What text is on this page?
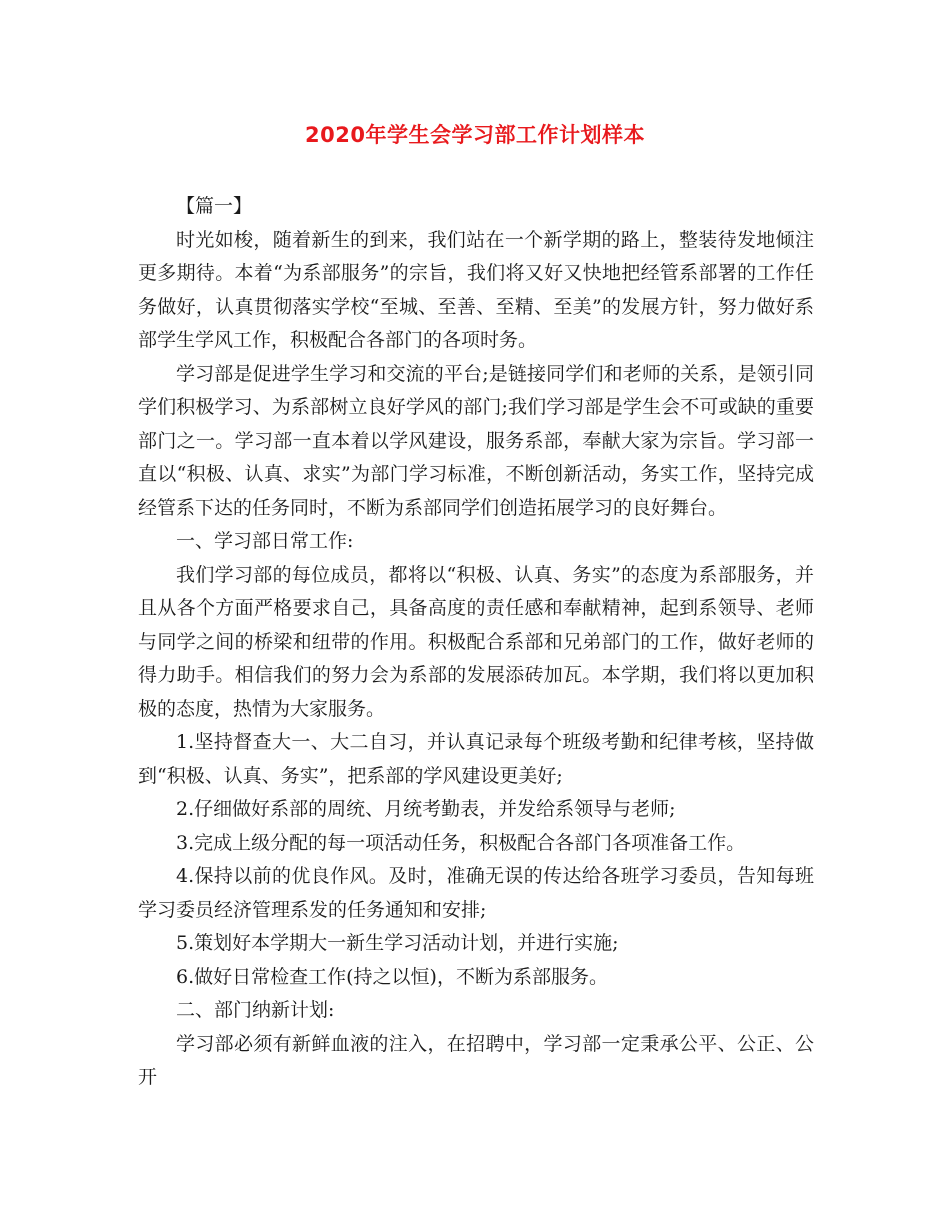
2020年学生会学习部工作计划样本

【篇一】

时光如梭，随着新生的到来，我们站在一个新学期的路上，整装待发地倾注更多期待。本着“为系部服务”的宗旨，我们将又好又快地把经管系部署的工作任务做好，认真贯彻落实学校“至城、至善、至精、至美”的发展方针，努力做好系部学生学风工作，积极配合各部门的各项时务。

学习部是促进学生学习和交流的平台;是链接同学们和老师的关系，是领引同学们积极学习、为系部树立良好学风的部门;我们学习部是学生会不可或缺的重要部门之一。学习部一直本着以学风建设，服务系部，奉献大家为宗旨。学习部一直以“积极、认真、求实”为部门学习标准，不断创新活动，务实工作，坚持完成经管系下达的任务同时，不断为系部同学们创造拓展学习的良好舞台。

一、学习部日常工作:

我们学习部的每位成员，都将以“积极、认真、务实”的态度为系部服务，并且从各个方面严格要求自己，具备高度的责任感和奉献精神，起到系领导、老师与同学之间的桥梁和纽带的作用。积极配合系部和兄弟部门的工作，做好老师的得力助手。相信我们的努力会为系部的发展添砖加瓦。本学期，我们将以更加积极的态度，热情为大家服务。

1.坚持督查大一、大二自习，并认真记录每个班级考勤和纪律考核，坚持做到“积极、认真、务实”，把系部的学风建设更美好;

2.仔细做好系部的周统、月统考勤表，并发给系领导与老师;

3.完成上级分配的每一项活动任务，积极配合各部门各项准备工作。

4.保持以前的优良作风。及时，准确无误的传达给各班学习委员，告知每班学习委员经济管理系发的任务通知和安排;

5.策划好本学期大一新生学习活动计划，并进行实施;

6.做好日常检查工作(持之以恒)，不断为系部服务。

二、部门纳新计划:

学习部必须有新鲜血液的注入，在招聘中，学习部一定秉承公平、公正、公开
